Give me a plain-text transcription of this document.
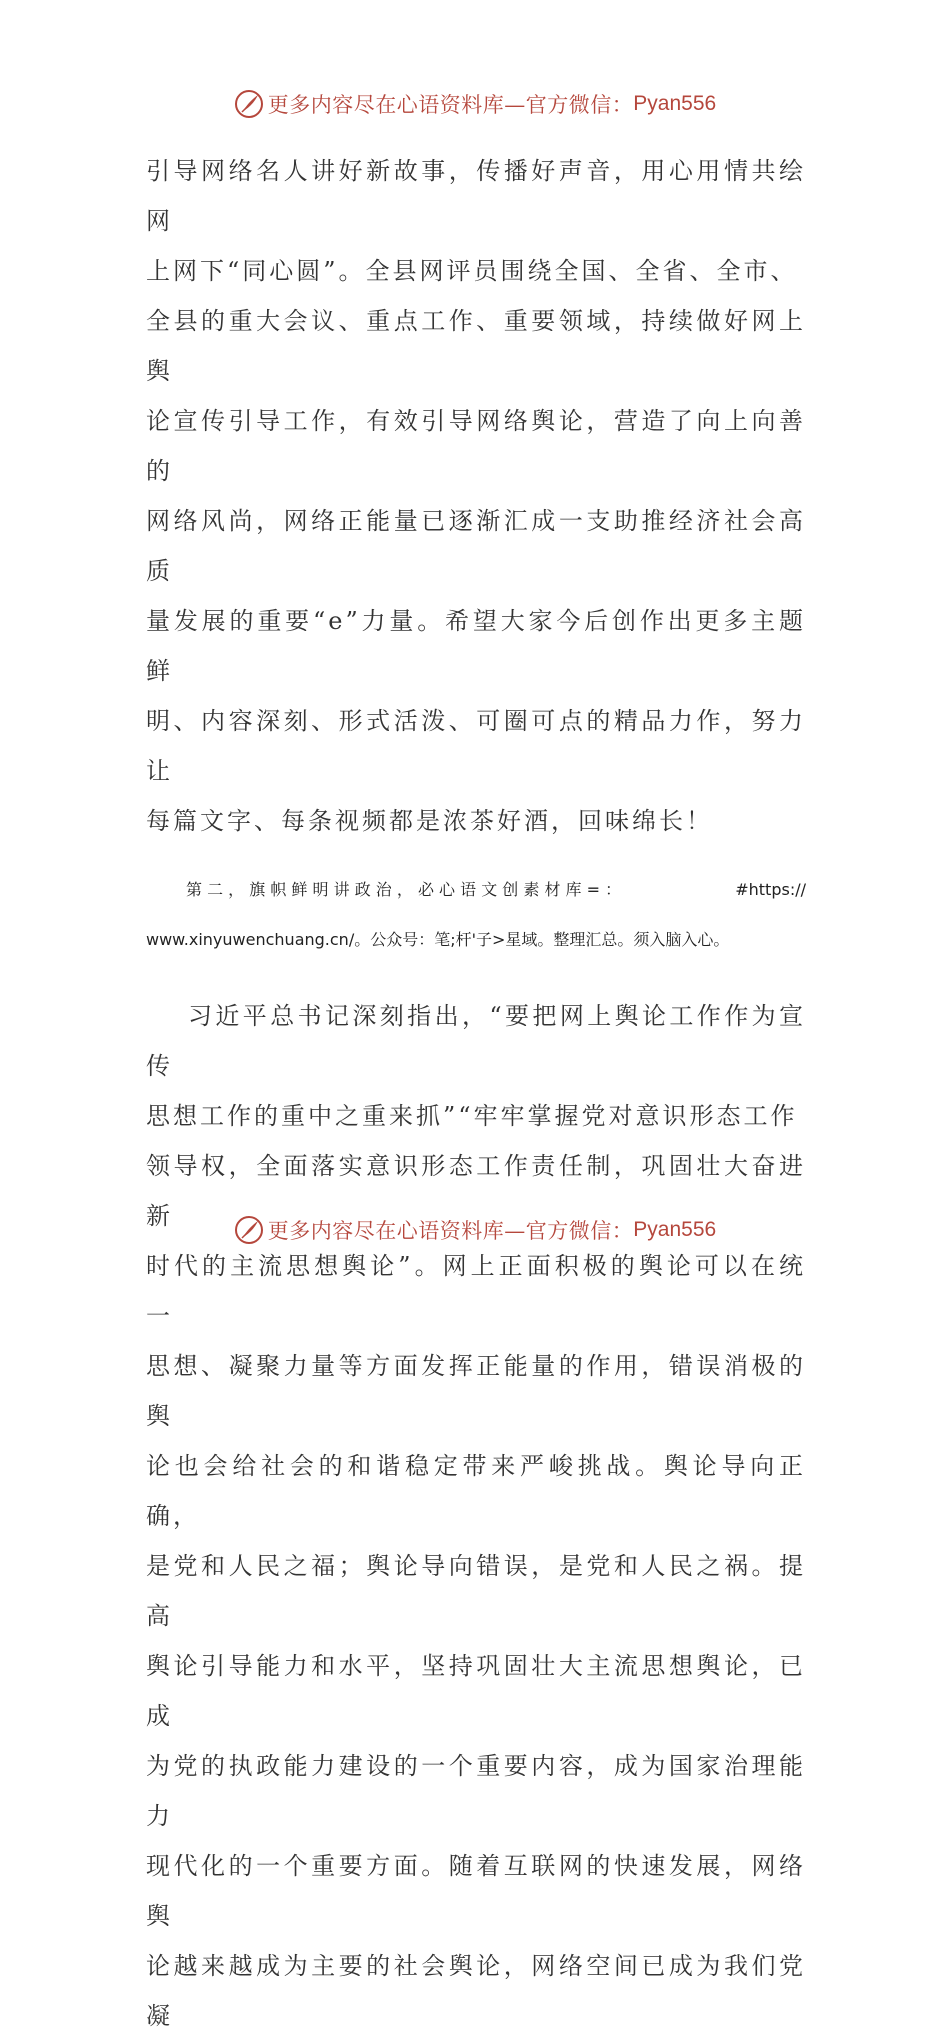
更多内容尽在心语资料库—官方微信： Pyan556

引导网络名人讲好新故事，传播好声音，用心用情共绘网
上网下“同心圆”。全县网评员围绕全国、全省、全市、
全县的重大会议、重点工作、重要领域，持续做好网上舆
论宣传引导工作，有效引导网络舆论，营造了向上向善的
网络风尚，网络正能量已逐渐汇成一支助推经济社会高质
量发展的重要“e”力量。希望大家今后创作出更多主题鲜
明、内容深刻、形式活泼、可圈可点的精品力作，努力让
每篇文字、每条视频都是浓茶好酒，回味绵长！

第 二 ， 旗 帜 鲜 明 讲 政 治 ， 必 心 语 文 创 素 材 库 = ：	#https://

www.xinyuwenchuang.cn/。公众号：笔;杆'子>星域。整理汇总。须入脑入心。

习近平总书记深刻指出，“要把网上舆论工作作为宣传
思想工作的重中之重来抓”“牢牢掌握党对意识形态工作
领导权，全面落实意识形态工作责任制，巩固壮大奋进新
时代的主流思想舆论”。网上正面积极的舆论可以在统一
思想、凝聚力量等方面发挥正能量的作用，错误消极的舆
论也会给社会的和谐稳定带来严峻挑战。舆论导向正确，
是党和人民之福；舆论导向错误，是党和人民之祸。提高
舆论引导能力和水平，坚持巩固壮大主流思想舆论，已成
为党的执政能力建设的一个重要内容，成为国家治理能力
现代化的一个重要方面。随着互联网的快速发展，网络舆
论越来越成为主要的社会舆论，网络空间已成为我们党凝

更多内容尽在心语资料库—官方微信： Pyan556
